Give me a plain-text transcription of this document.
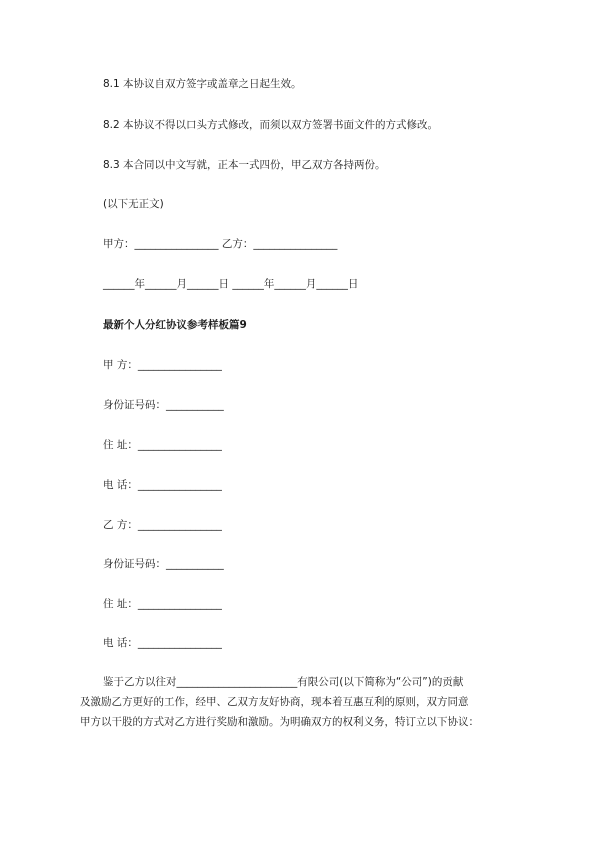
8.1 本协议自双方签字或盖章之日起生效。
8.2 本协议不得以口头方式修改，而须以双方签署书面文件的方式修改。
8.3 本合同以中文写就，正本一式四份，甲乙双方各持两份。
(以下无正文)
甲方：________________ 乙方：________________
______年______月______日 ______年______月______日
最新个人分红协议参考样板篇9
甲 方：________________
身份证号码：___________
住 址：________________
电 话：________________
乙 方：________________
身份证号码：___________
住 址：________________
电 话：________________
鉴于乙方以往对_______________________有限公司(以下简称为“公司”)的贡献
及激励乙方更好的工作，经甲、乙双方友好协商，现本着互惠互利的原则，双方同意
甲方以干股的方式对乙方进行奖励和激励。为明确双方的权利义务，特订立以下协议：
